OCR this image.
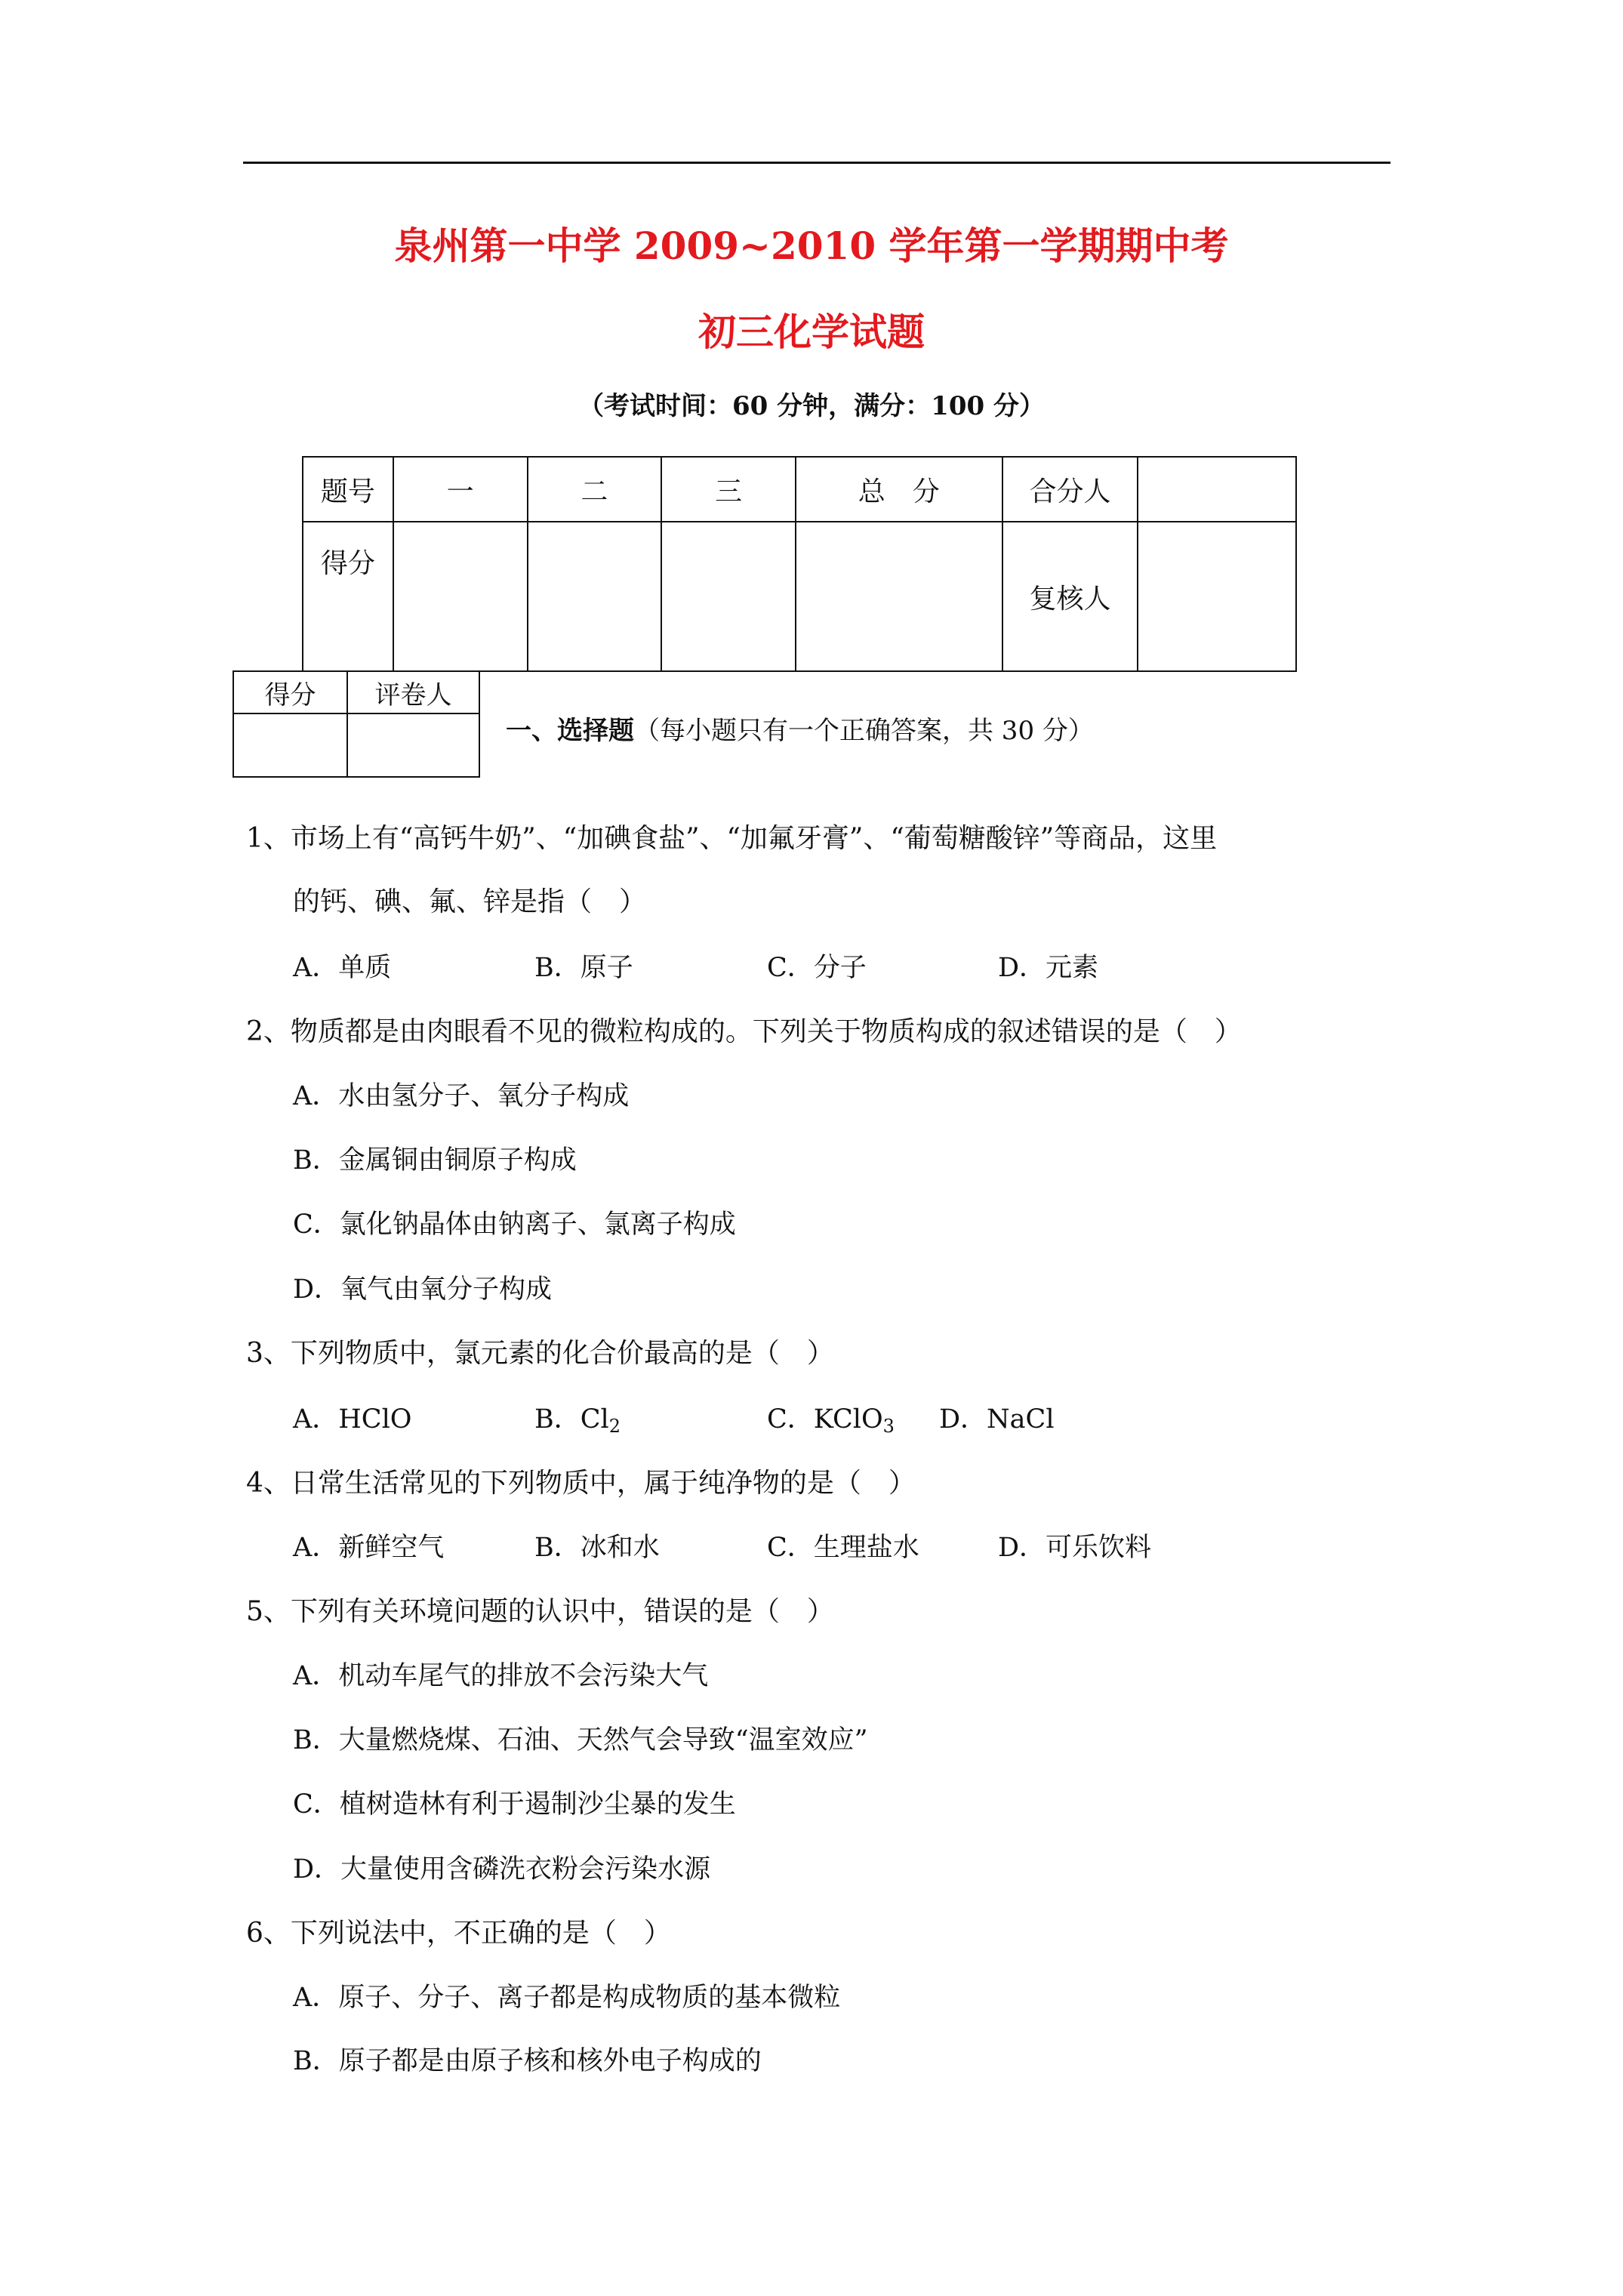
泉州第一中学 2009~2010 学年第一学期期中考
初三化学试题
（考试时间：60 分钟，满分：100 分）
题号	一	二	三	总　分	合分人	
得分					复核人	
得分	评卷人

一、选择题（每小题只有一个正确答案，共 30 分）
1、市场上有“高钙牛奶”、“加碘食盐”、“加氟牙膏”、“葡萄糖酸锌”等商品，这里
的钙、碘、氟、锌是指（　）
A．单质	B．原子	C．分子	D．元素
2、物质都是由肉眼看不见的微粒构成的。下列关于物质构成的叙述错误的是（　）
A．水由氢分子、氧分子构成
B．金属铜由铜原子构成
C．氯化钠晶体由钠离子、氯离子构成
D．氧气由氧分子构成
3、下列物质中，氯元素的化合价最高的是（　）
A．HClO	B．$Cl_2$	C．KClO$_3$ D．NaCl
4、日常生活常见的下列物质中，属于纯净物的是（　）
A．新鲜空气	B．冰和水	C．生理盐水	D．可乐饮料
5、下列有关环境问题的认识中，错误的是（　）
A．机动车尾气的排放不会污染大气
B．大量燃烧煤、石油、天然气会导致“温室效应”
C．植树造林有利于遏制沙尘暴的发生
D．大量使用含磷洗衣粉会污染水源
6、下列说法中，不正确的是（　）
A．原子、分子、离子都是构成物质的基本微粒
B．原子都是由原子核和核外电子构成的
